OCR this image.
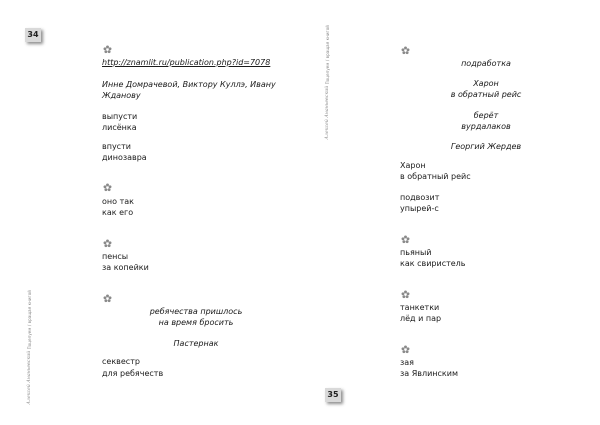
34
Алексей Ананьевский Поцелуем / вращая книгой
http://znamlit.ru/publication.php?id=7078
Инне Домрачевой, Виктору Куллэ, Ивану
Жданову
выпусти
лисёнка
впусти
динозавра
оно так
как его
пенсы
за копейки
ребячества пришлось
на время бросить
Пастернак
секвестр
для ребячеств
35
Алексей Ананьевский Поцелуем / вращая книгой	подработка
Харон
в обратный рейс
берёт
вурдалаков
Георгий Жердев
Харон
в обратный рейс
подвозит
упырей-с
пьяный
как свиристель
танкетки
лёд и пар
зая
за Явлинским
